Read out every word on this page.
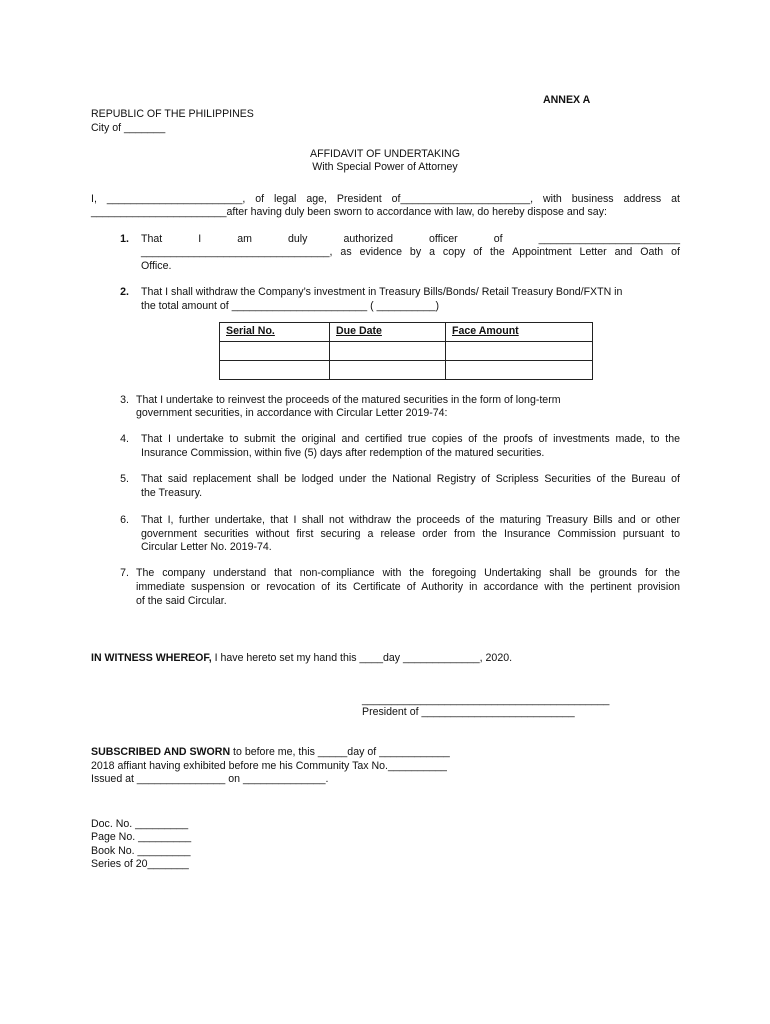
ANNEX A
REPUBLIC OF THE PHILIPPINES
City of _______
AFFIDAVIT OF UNDERTAKING
With Special Power of Attorney
I, _______________________, of legal age, President of______________________, with business address at
_______________________after having duly been sworn to accordance with law, do hereby dispose and say:
1. That I am duly authorized officer of ________________________
________________________________, as evidence by a copy of the Appointment Letter and Oath of
Office.
2. That I shall withdraw the Company’s investment in Treasury Bills/Bonds/ Retail Treasury Bond/FXTN in
the total amount of _______________________ ( __________)
Serial No.	Due Date	Face Amount

3. That I undertake to reinvest the proceeds of the matured securities in the form of long-term
government securities, in accordance with Circular Letter 2019-74:
4. That I undertake to submit the original and certified true copies of the proofs of investments made, to the
Insurance Commission, within five (5) days after redemption of the matured securities.
5. That said replacement shall be lodged under the National Registry of Scripless Securities of the Bureau of
the Treasury.
6. That I, further undertake, that I shall not withdraw the proceeds of the maturing Treasury Bills and or other
government securities without first securing a release order from the Insurance Commission pursuant to
Circular Letter No. 2019-74.
7. The company understand that non-compliance with the foregoing Undertaking shall be grounds for the
immediate suspension or revocation of its Certificate of Authority in accordance with the pertinent provision
of the said Circular.
IN WITNESS WHEREOF, I have hereto set my hand this ____day _____________, 2020.
__________________________________________
President of __________________________
SUBSCRIBED AND SWORN to before me, this _____day of ____________
2018 affiant having exhibited before me his Community Tax No.__________
Issued at _______________ on ______________.
Doc. No. _________
Page No. _________
Book No. _________
Series of 20_______
